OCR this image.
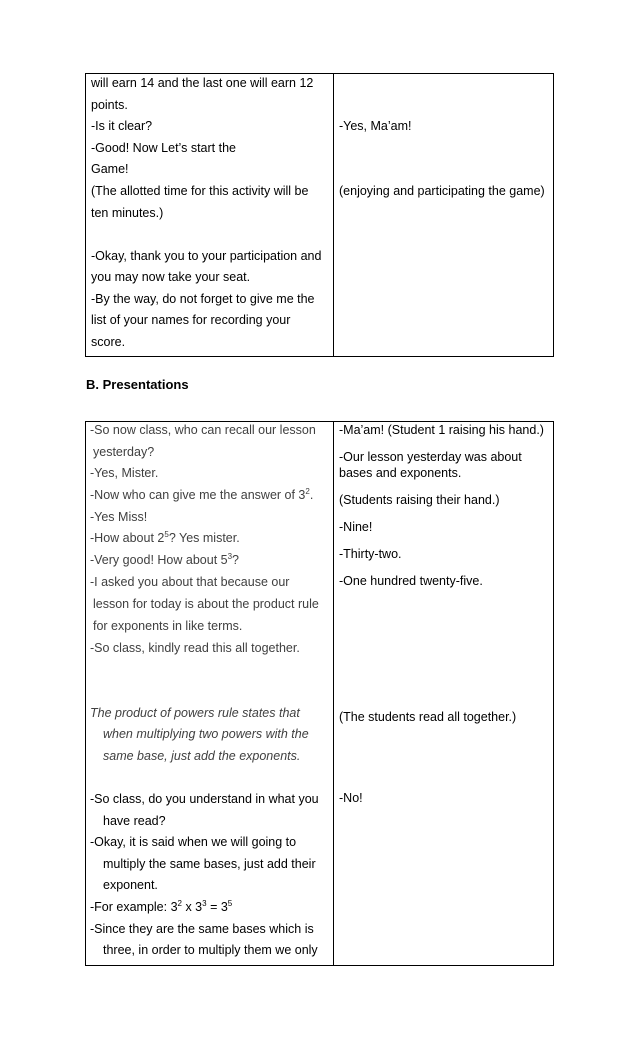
will earn 14 and the last one will earn 12
points.
-Is it clear?
-Good! Now Let’s start the
Game!
(The allotted time for this activity will be
ten minutes.)
-Okay, thank you to your participation and
you may now take your seat.
-By the way, do not forget to give me the
list of your names for recording your
score.
-Yes, Ma’am!
(enjoying and participating the game)
B. Presentations
-So now class, who can recall our lesson
yesterday?
-Yes, Mister.
-Now who can give me the answer of $3^2$.
-Yes Miss!
-How about $2^5$? Yes mister.
-Very good! How about $5^3$?
-I asked you about that because our
lesson for today is about the product rule
for exponents in like terms.
-So class, kindly read this all together.
The product of powers rule states that
when multiplying two powers with the
same base, just add the exponents.
-So class, do you understand in what you
have read?
-Okay, it is said when we will going to
multiply the same bases, just add their
exponent.
-For example: $3^2$ x $3^3 = 3^5$
-Since they are the same bases which is
three, in order to multiply them we only
-Ma’am! (Student 1 raising his hand.)
-Our lesson yesterday was about
bases and exponents.
(Students raising their hand.)
-Nine!
-Thirty-two.
-One hundred twenty-five.
(The students read all together.)
-No!
